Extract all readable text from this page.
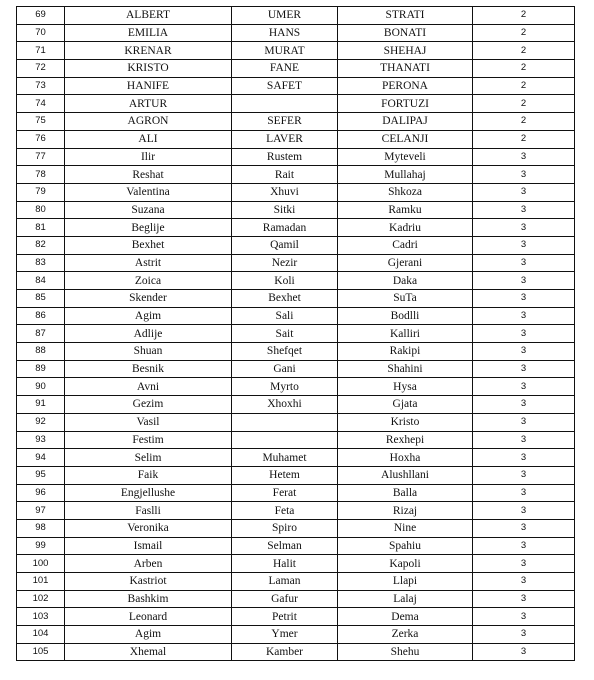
69	ALBERT	UMER	STRATI	2
70	EMILIA	HANS	BONATI	2
71	KRENAR	MURAT	SHEHAJ	2
72	KRISTO	FANE	THANATI	2
73	HANIFE	SAFET	PERONA	2
74	ARTUR		FORTUZI	2
75	AGRON	SEFER	DALIPAJ	2
76	ALI	LAVER	CELANJI	2
77	Ilir	Rustem	Myteveli	3
78	Reshat	Rait	Mullahaj	3
79	Valentina	Xhuvi	Shkoza	3
80	Suzana	Sitki	Ramku	3
81	Beglije	Ramadan	Kadriu	3
82	Bexhet	Qamil	Cadri	3
83	Astrit	Nezir	Gjerani	3
84	Zoica	Koli	Daka	3
85	Skender	Bexhet	SuTa	3
86	Agim	Sali	Bodlli	3
87	Adlije	Sait	Kalliri	3
88	Shuan	Shefqet	Rakipi	3
89	Besnik	Gani	Shahini	3
90	Avni	Myrto	Hysa	3
91	Gezim	Xhoxhi	Gjata	3
92	Vasil		Kristo	3
93	Festim		Rexhepi	3
94	Selim	Muhamet	Hoxha	3
95	Faik	Hetem	Alushllani	3
96	Engjellushe	Ferat	Balla	3
97	Faslli	Feta	Rizaj	3
98	Veronika	Spiro	Nine	3
99	Ismail	Selman	Spahiu	3
100	Arben	Halit	Kapoli	3
101	Kastriot	Laman	Llapi	3
102	Bashkim	Gafur	Lalaj	3
103	Leonard	Petrit	Dema	3
104	Agim	Ymer	Zerka	3
105	Xhemal	Kamber	Shehu	3
